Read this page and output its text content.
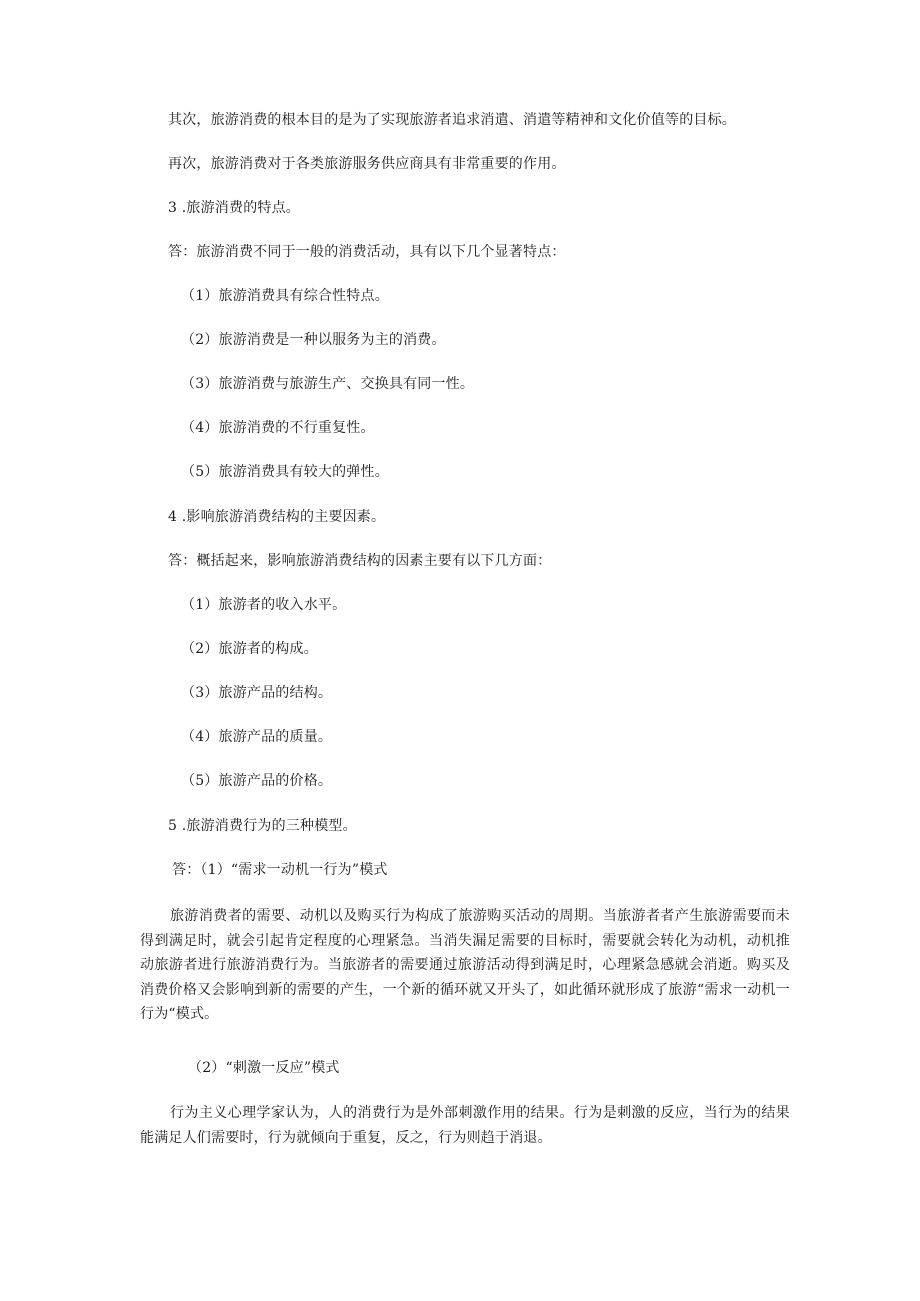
其次，旅游消费的根本目的是为了实现旅游者追求消遣、消遣等精神和文化价值等的目标。
再次，旅游消费对于各类旅游服务供应商具有非常重要的作用。
3 .旅游消费的特点。
答：旅游消费不同于一般的消费活动，具有以下几个显著特点：
（1）旅游消费具有综合性特点。
（2）旅游消费是一种以服务为主的消费。
（3）旅游消费与旅游生产、交换具有同一性。
（4）旅游消费的不行重复性。
（5）旅游消费具有较大的弹性。
4 .影响旅游消费结构的主要因素。
答：概括起来，影响旅游消费结构的因素主要有以下几方面：
（1）旅游者的收入水平。
（2）旅游者的构成。
（3）旅游产品的结构。
（4）旅游产品的质量。
（5）旅游产品的价格。
5 .旅游消费行为的三种模型。
答：（1）“需求一动机一行为”模式
旅游消费者的需要、动机以及购买行为构成了旅游购买活动的周期。当旅游者者产生旅游需要而未得到满足时，就会引起肯定程度的心理紧急。当消失漏足需要的目标时，需要就会转化为动机，动机推动旅游者进行旅游消费行为。当旅游者的需要通过旅游活动得到满足时，心理紧急感就会消逝。购买及消费价格又会影响到新的需要的产生，一个新的循环就又开头了，如此循环就形成了旅游“需求一动机一行为“模式。
（2）“刺激一反应”模式
行为主义心理学家认为，人的消费行为是外部刺激作用的结果。行为是刺激的反应，当行为的结果能满足人们需要时，行为就倾向于重复，反之，行为则趋于消退。
